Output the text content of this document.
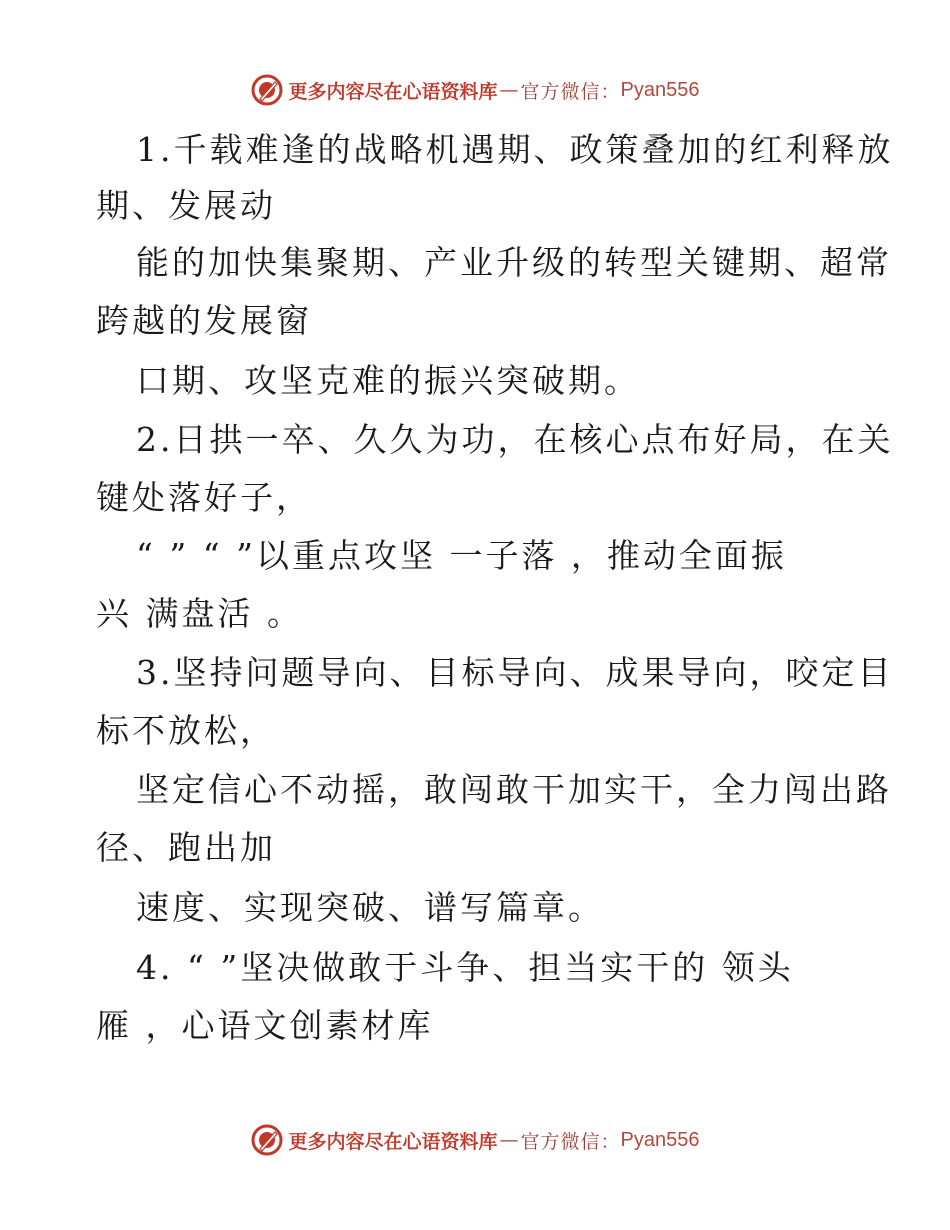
更多内容尽在心语资料库 — 官方微信： Pyan556
1.千载难逢的战略机遇期、政策叠加的红利释放
期、发展动
能的加快集聚期、产业升级的转型关键期、超常
跨越的发展窗
口期、攻坚克难的振兴突破期。
2.日拱一卒、久久为功，在核心点布好局，在关
键处落好子，
“ ” “ ”以重点攻坚 一子落 ，推动全面振
兴 满盘活 。
3.坚持问题导向、目标导向、成果导向，咬定目
标不放松，
坚定信心不动摇，敢闯敢干加实干，全力闯出路
径、跑出加
速度、实现突破、谱写篇章。
4. “ ”坚决做敢于斗争、担当实干的 领头
雁 ，心语文创素材库
更多内容尽在心语资料库 — 官方微信： Pyan556
